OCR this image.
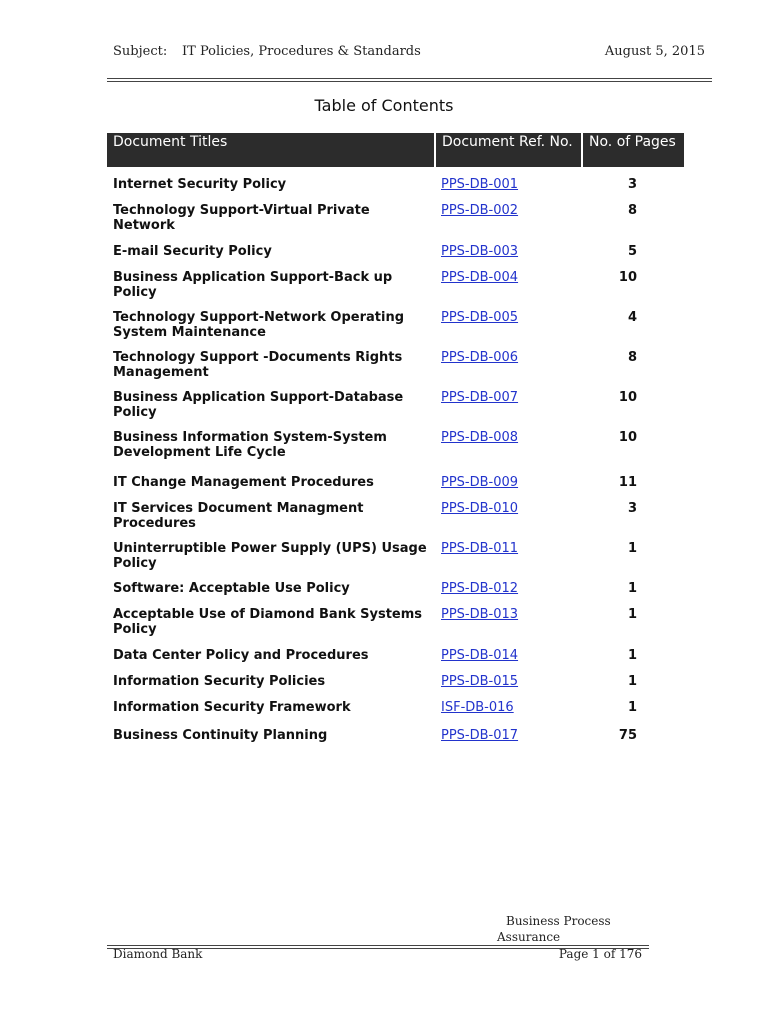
Subject: IT Policies, Procedures & Standards	August 5, 2015
Table of Contents
Document Titles	Document Ref. No.	No. of Pages
Internet Security Policy	PPS-DB-001	3
Technology Support-Virtual Private Network	PPS-DB-002	8
E-mail Security Policy	PPS-DB-003	5
Business Application Support-Back up Policy	PPS-DB-004	10
Technology Support-Network Operating System Maintenance	PPS-DB-005	4
Technology Support -Documents Rights Management	PPS-DB-006	8
Business Application Support-Database Policy	PPS-DB-007	10
Business Information System-System Development Life Cycle	PPS-DB-008	10
IT Change Management Procedures	PPS-DB-009	11
IT Services Document Managment Procedures	PPS-DB-010	3
Uninterruptible Power Supply (UPS) Usage Policy	PPS-DB-011	1
Software: Acceptable Use Policy	PPS-DB-012	1
Acceptable Use of Diamond Bank Systems Policy	PPS-DB-013	1
Data Center Policy and Procedures	PPS-DB-014	1
Information Security Policies	PPS-DB-015	1
Information Security Framework	ISF-DB-016	1
Business Continuity Planning	PPS-DB-017	75
Business Process
Assurance
Diamond Bank	Page 1 of 176
